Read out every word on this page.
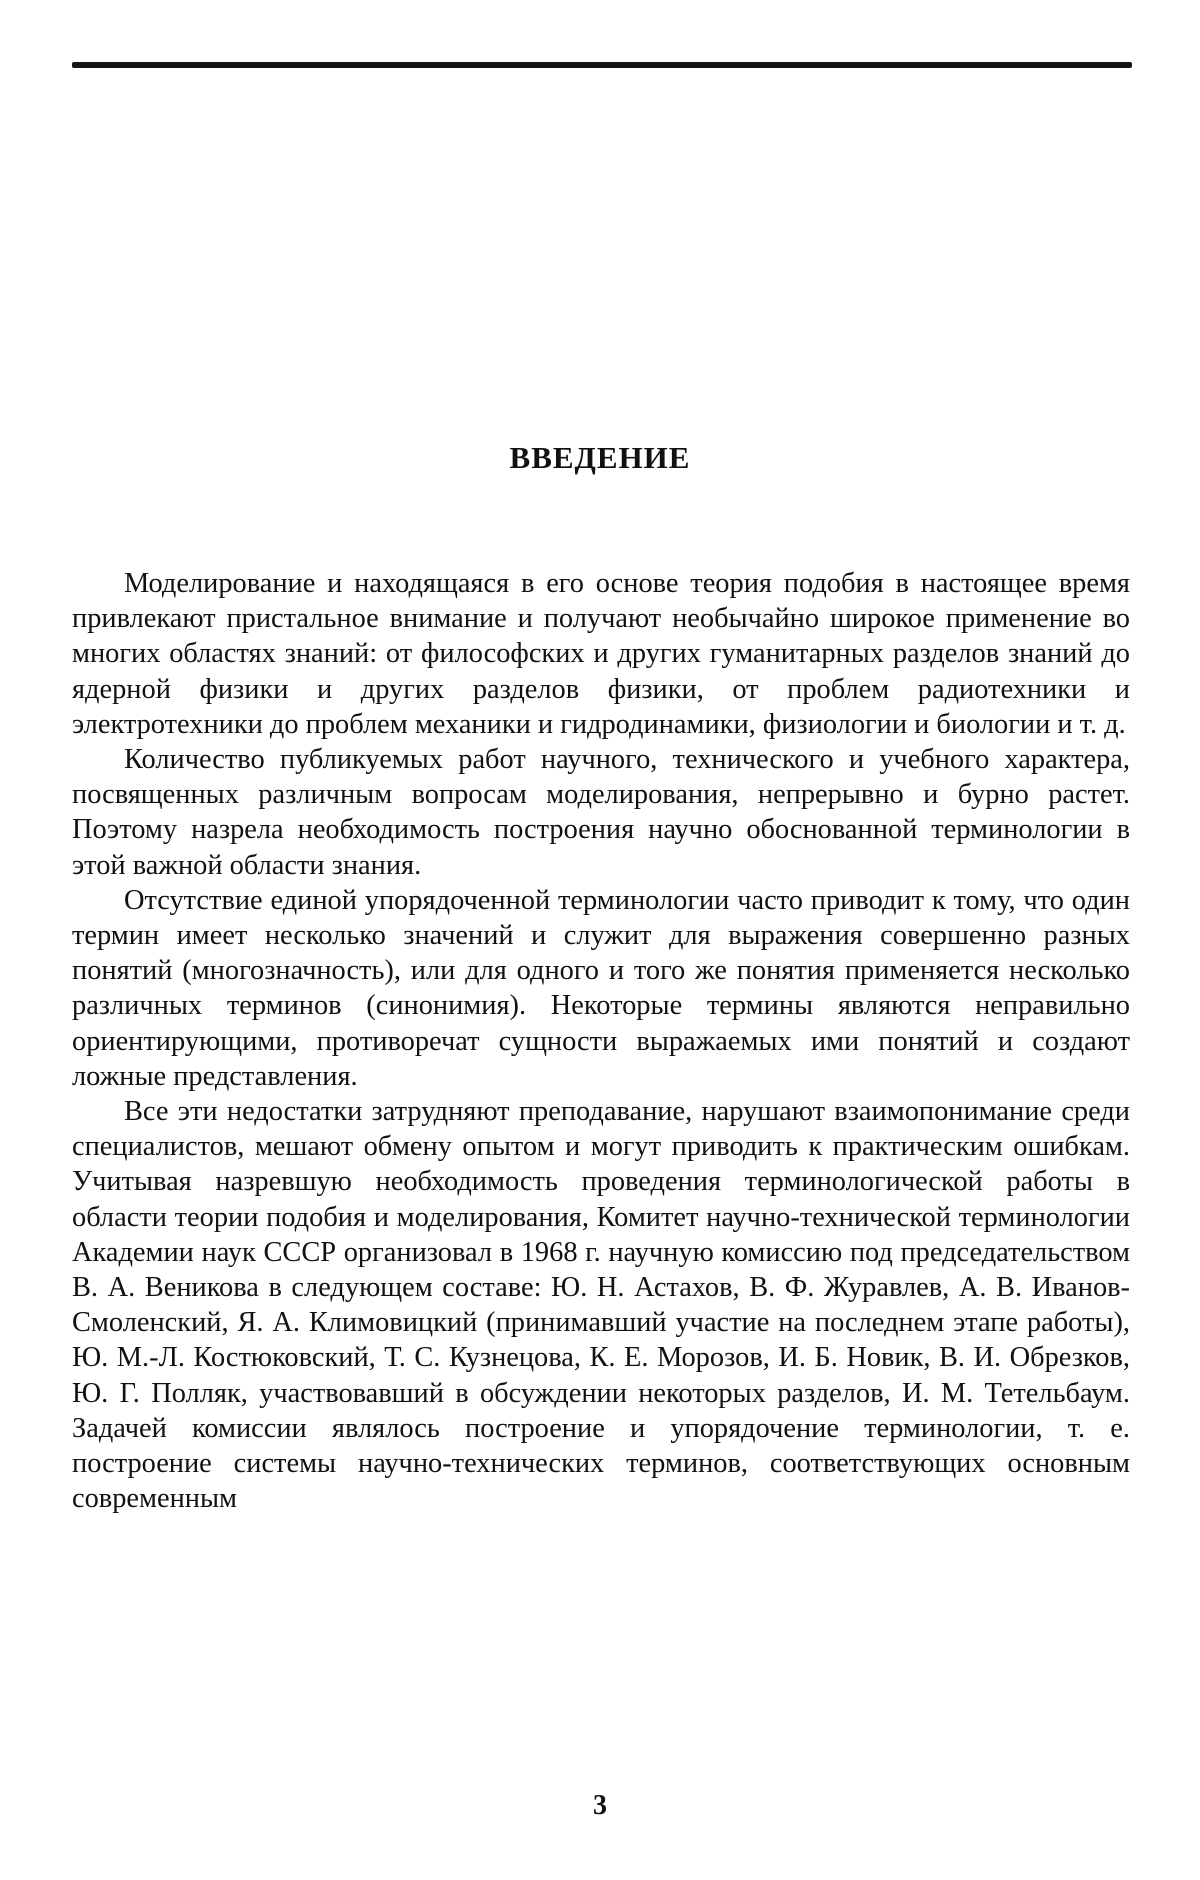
ВВЕДЕНИЕ

Моделирование и находящаяся в его основе теория подобия в настоящее время привлекают пристальное внимание и получают необычайно широкое применение во многих областях знаний: от философских и других гуманитарных разделов знаний до ядерной физики и других разделов физики, от проблем радиотехники и электротехники до проблем механики и гидродинамики, физиологии и биологии и т. д.

Количество публикуемых работ научного, технического и учебного характера, посвященных различным вопросам моделирования, непрерывно и бурно растет. Поэтому назрела необходимость построения научно обоснованной терминологии в этой важной области знания.

Отсутствие единой упорядоченной терминологии часто приводит к тому, что один термин имеет несколько значений и служит для выражения совершенно разных понятий (многозначность), или для одного и того же понятия применяется несколько различных терминов (синонимия). Некоторые термины являются неправильно ориентирующими, противоречат сущности выражаемых ими понятий и создают ложные представления.

Все эти недостатки затрудняют преподавание, нарушают взаимопонимание среди специалистов, мешают обмену опытом и могут приводить к практическим ошибкам. Учитывая назревшую необходимость проведения терминологической работы в области теории подобия и моделирования, Комитет научно-технической терминологии Академии наук СССР организовал в 1968 г. научную комиссию под председательством В. А. Веникова в следующем составе: Ю. Н. Астахов, В. Ф. Журавлев, А. В. Иванов-Смоленский, Я. А. Климовицкий (принимавший участие на последнем этапе работы), Ю. М.-Л. Костюковский, Т. С. Кузнецова, К. Е. Морозов, И. Б. Новик, В. И. Обрезков, Ю. Г. Полляк, участвовавший в обсуждении некоторых разделов, И. М. Тетельбаум. Задачей комиссии являлось построение и упорядочение терминологии, т. е. построение системы научно-технических терминов, соответствующих основным современным

3
